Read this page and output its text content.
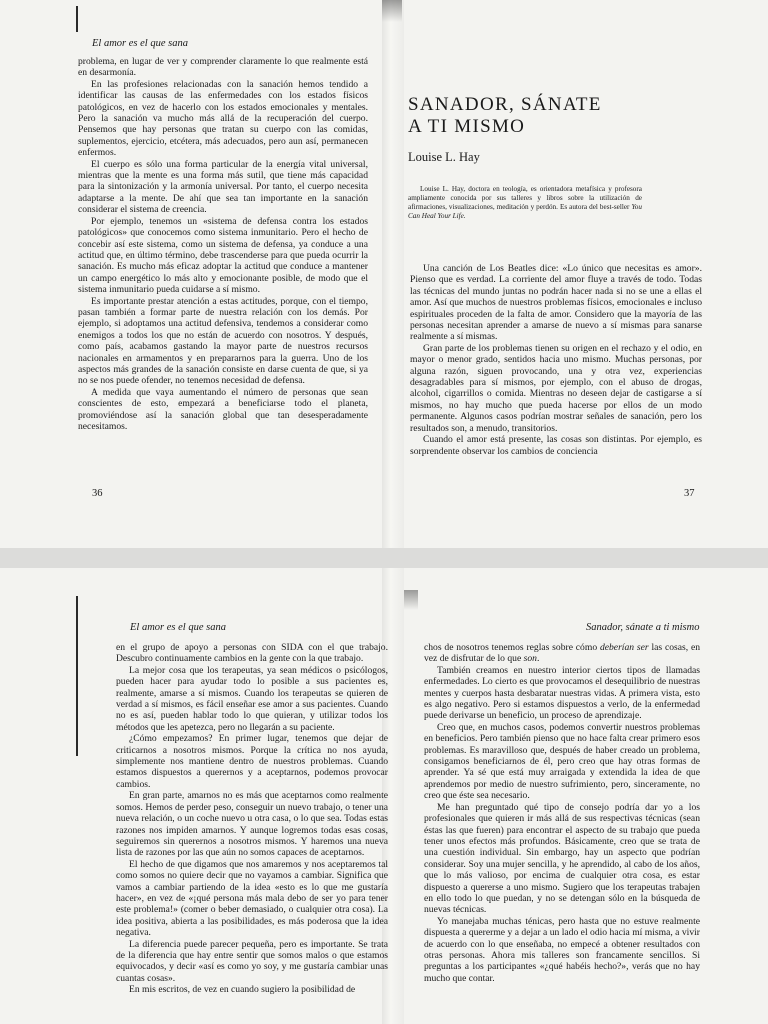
El amor es el que sana

problema, en lugar de ver y comprender claramente lo que realmente está en desarmonía.

En las profesiones relacionadas con la sanación hemos tendido a identificar las causas de las enfermedades con los estados físicos patológicos, en vez de hacerlo con los estados emocionales y mentales. Pero la sanación va mucho más allá de la recuperación del cuerpo. Pensemos que hay personas que tratan su cuerpo con las comidas, suplementos, ejercicio, etcétera, más adecuados, pero aun así, permanecen enfermos.

El cuerpo es sólo una forma particular de la energía vital universal, mientras que la mente es una forma más sutil, que tiene más capacidad para la sintonización y la armonía universal. Por tanto, el cuerpo necesita adaptarse a la mente. De ahí que sea tan importante en la sanación considerar el sistema de creencia.

Por ejemplo, tenemos un «sistema de defensa contra los estados patológicos» que conocemos como sistema inmunitario. Pero el hecho de concebir así este sistema, como un sistema de defensa, ya conduce a una actitud que, en último término, debe trascenderse para que pueda ocurrir la sanación. Es mucho más eficaz adoptar la actitud que conduce a mantener un campo energético lo más alto y emocionante posible, de modo que el sistema inmunitario pueda cuidarse a sí mismo.

Es importante prestar atención a estas actitudes, porque, con el tiempo, pasan también a formar parte de nuestra relación con los demás. Por ejemplo, si adoptamos una actitud defensiva, tendemos a considerar como enemigos a todos los que no están de acuerdo con nosotros. Y después, como país, acabamos gastando la mayor parte de nuestros recursos nacionales en armamentos y en prepararnos para la guerra. Uno de los aspectos más grandes de la sanación consiste en darse cuenta de que, si ya no se nos puede ofender, no tenemos necesidad de defensa.

A medida que vaya aumentando el número de personas que sean conscientes de esto, empezará a beneficiarse todo el planeta, promoviéndose así la sanación global que tan desesperadamente necesitamos.

36
SANADOR, SÁNATE
A TI MISMO
Louise L. Hay
Louise L. Hay, doctora en teología, es orientadora metafísica y profesora ampliamente conocida por sus talleres y libros sobre la utilización de afirmaciones, visualizaciones, meditación y perdón. Es autora del best-seller You Can Heal Your Life.

Una canción de Los Beatles dice: «Lo único que necesitas es amor». Pienso que es verdad. La corriente del amor fluye a través de todo. Todas las técnicas del mundo juntas no podrán hacer nada si no se une a ellas el amor. Así que muchos de nuestros problemas físicos, emocionales e incluso espirituales proceden de la falta de amor. Considero que la mayoría de las personas necesitan aprender a amarse de nuevo a sí mismas para sanarse realmente a sí mismas.

Gran parte de los problemas tienen su origen en el rechazo y el odio, en mayor o menor grado, sentidos hacia uno mismo. Muchas personas, por alguna razón, siguen provocando, una y otra vez, experiencias desagradables para sí mismos, por ejemplo, con el abuso de drogas, alcohol, cigarrillos o comida. Mientras no deseen dejar de castigarse a sí mismos, no hay mucho que pueda hacerse por ellos de un modo permanente. Algunos casos podrían mostrar señales de sanación, pero los resultados son, a menudo, transitorios.

Cuando el amor está presente, las cosas son distintas. Por ejemplo, es sorprendente observar los cambios de conciencia

37
El amor es el que sana

en el grupo de apoyo a personas con SIDA con el que trabajo. Descubro continuamente cambios en la gente con la que trabajo.

La mejor cosa que los terapeutas, ya sean médicos o psicólogos, pueden hacer para ayudar todo lo posible a sus pacientes es, realmente, amarse a sí mismos. Cuando los terapeutas se quieren de verdad a sí mismos, es fácil enseñar ese amor a sus pacientes. Cuando no es así, pueden hablar todo lo que quieran, y utilizar todos los métodos que les apetezca, pero no llegarán a su paciente.

¿Cómo empezamos? En primer lugar, tenemos que dejar de criticarnos a nosotros mismos. Porque la crítica no nos ayuda, simplemente nos mantiene dentro de nuestros problemas. Cuando estamos dispuestos a querernos y a aceptarnos, podemos provocar cambios.

En gran parte, amarnos no es más que aceptarnos como realmente somos. Hemos de perder peso, conseguir un nuevo trabajo, o tener una nueva relación, o un coche nuevo u otra casa, o lo que sea. Todas estas razones nos impiden amarnos. Y aunque logremos todas esas cosas, seguiremos sin querernos a nosotros mismos. Y haremos una nueva lista de razones por las que aún no somos capaces de aceptarnos.

El hecho de que digamos que nos amaremos y nos aceptaremos tal como somos no quiere decir que no vayamos a cambiar. Significa que vamos a cambiar partiendo de la idea «esto es lo que me gustaría hacer», en vez de «¡qué persona más mala debo de ser yo para tener este problema!» (comer o beber demasiado, o cualquier otra cosa). La idea positiva, abierta a las posibilidades, es más poderosa que la idea negativa.

La diferencia puede parecer pequeña, pero es importante. Se trata de la diferencia que hay entre sentir que somos malos o que estamos equivocados, y decir «así es como yo soy, y me gustaría cambiar unas cuantas cosas».

En mis escritos, de vez en cuando sugiero la posibilidad de

Sanador, sánate a ti mismo

chos de nosotros tenemos reglas sobre cómo deberían ser las cosas, en vez de disfrutar de lo que son.

También creamos en nuestro interior ciertos tipos de llamadas enfermedades. Lo cierto es que provocamos el desequilibrio de nuestras mentes y cuerpos hasta desbaratar nuestras vidas. A primera vista, esto es algo negativo. Pero si estamos dispuestos a verlo, de la enfermedad puede derivarse un beneficio, un proceso de aprendizaje.

Creo que, en muchos casos, podemos convertir nuestros problemas en beneficios. Pero también pienso que no hace falta crear primero esos problemas. Es maravilloso que, después de haber creado un problema, consigamos beneficiarnos de él, pero creo que hay otras formas de aprender. Ya sé que está muy arraigada y extendida la idea de que aprendemos por medio de nuestro sufrimiento, pero, sinceramente, no creo que éste sea necesario.

Me han preguntado qué tipo de consejo podría dar yo a los profesionales que quieren ir más allá de sus respectivas técnicas (sean éstas las que fueren) para encontrar el aspecto de su trabajo que pueda tener unos efectos más profundos. Básicamente, creo que se trata de una cuestión individual. Sin embargo, hay un aspecto que podrían considerar. Soy una mujer sencilla, y he aprendido, al cabo de los años, que lo más valioso, por encima de cualquier otra cosa, es estar dispuesto a quererse a uno mismo. Sugiero que los terapeutas trabajen en ello todo lo que puedan, y no se detengan sólo en la búsqueda de nuevas técnicas.

Yo manejaba muchas ténicas, pero hasta que no estuve realmente dispuesta a quererme y a dejar a un lado el odio hacia mí misma, a vivir de acuerdo con lo que enseñaba, no empecé a obtener resultados con otras personas. Ahora mis talleres son francamente sencillos. Si preguntas a los participantes «¿qué habéis hecho?», verás que no hay mucho que contar.
